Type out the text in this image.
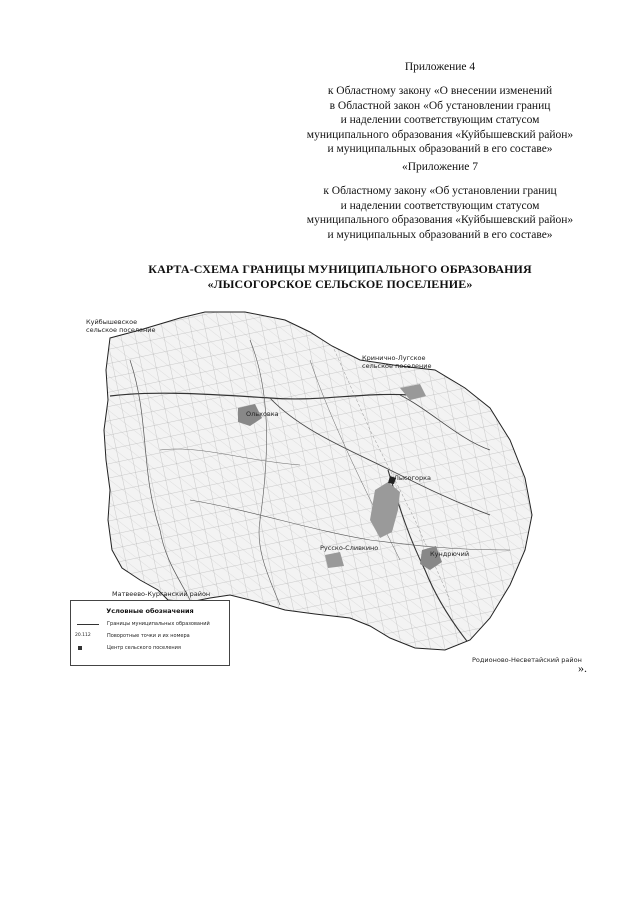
Приложение 4
к Областному закону «О внесении изменений
в Областной закон «Об установлении границ
и наделении соответствующим статусом
муниципального образования «Куйбышевский район»
и муниципальных образований в его составе»
«Приложение 7
к Областному закону «Об установлении границ
и наделении соответствующим статусом
муниципального образования «Куйбышевский район»
и муниципальных образований в его составе»
КАРТА-СХЕМА ГРАНИЦЫ МУНИЦИПАЛЬНОГО ОБРАЗОВАНИЯ
«ЛЫСОГОРСКОЕ СЕЛЬСКОЕ ПОСЕЛЕНИЕ»
Куйбышевское
сельское поселение
Кринично-Лугское
сельское поселение
Матвеево-Курганский район
Родионово-Несветайский район
Лысогорка
Ольховка
Кундрючий
Русско-Сливкино
Условные обозначения
Границы муниципальных образований
20.112	Поворотные точки и их номера
Центр сельского поселения
».
